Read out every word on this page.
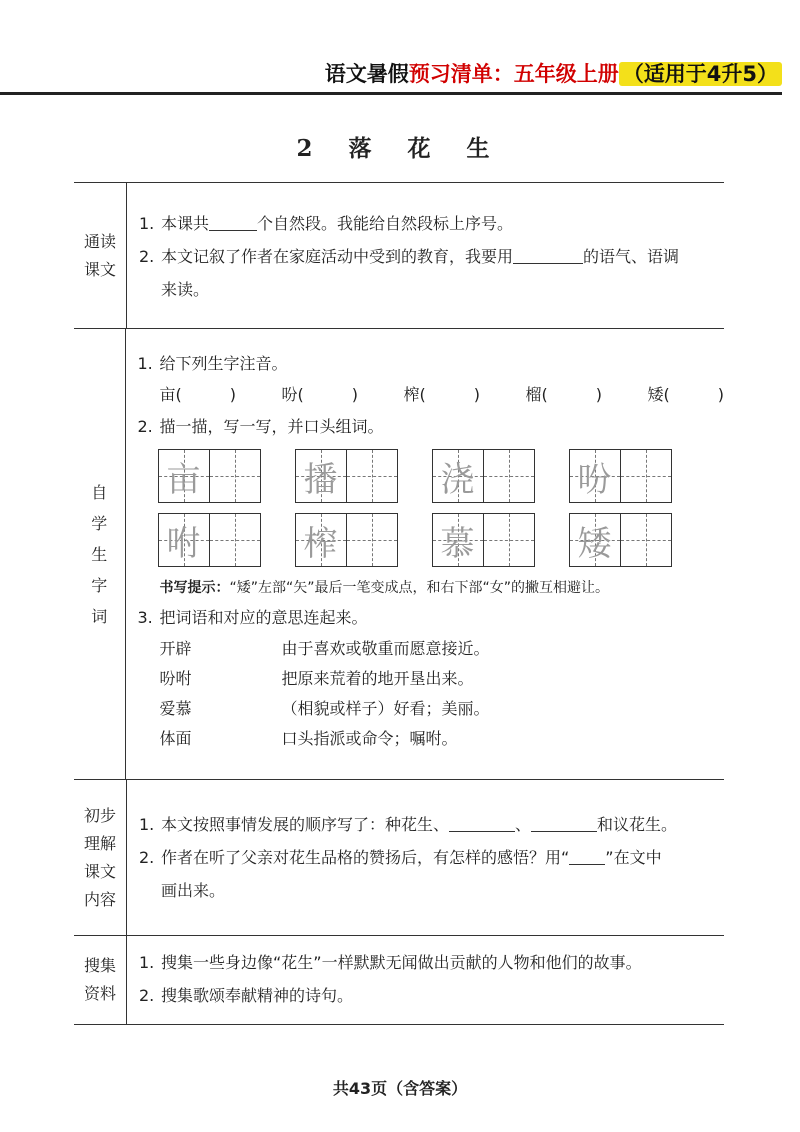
语文暑假预习清单：五年级上册 （适用于4升5）
2 落 花 生
通读
课文
1. 本课共	个自然段。我能给自然段标上序号。
2. 本文记叙了作者在家庭活动中受到的教育，我要用	的语气、语调
来读。
自
学
生
字
词
1. 给下列生字注音。
亩(　　　)	吩(　　　)	榨(　　　)	榴(　　　)	矮(　　　)
2. 描一描，写一写，并口头组词。
亩	播	浇	吩
咐	榨	慕	矮
书写提示：“矮”左部“矢”最后一笔变成点，和右下部“女”的撇互相避让。
3. 把词语和对应的意思连起来。
开辟	由于喜欢或敬重而愿意接近。
吩咐	把原来荒着的地开垦出来。
爱慕	（相貌或样子）好看；美丽。
体面	口头指派或命令；嘱咐。
初步
理解
课文
内容
1. 本文按照事情发展的顺序写了：种花生、	、	和议花生。
2. 作者在听了父亲对花生品格的赞扬后，有怎样的感悟？用“ ”在文中
画出来。
搜集
资料
1. 搜集一些身边像“花生”一样默默无闻做出贡献的人物和他们的故事。
2. 搜集歌颂奉献精神的诗句。
共43页（含答案）
